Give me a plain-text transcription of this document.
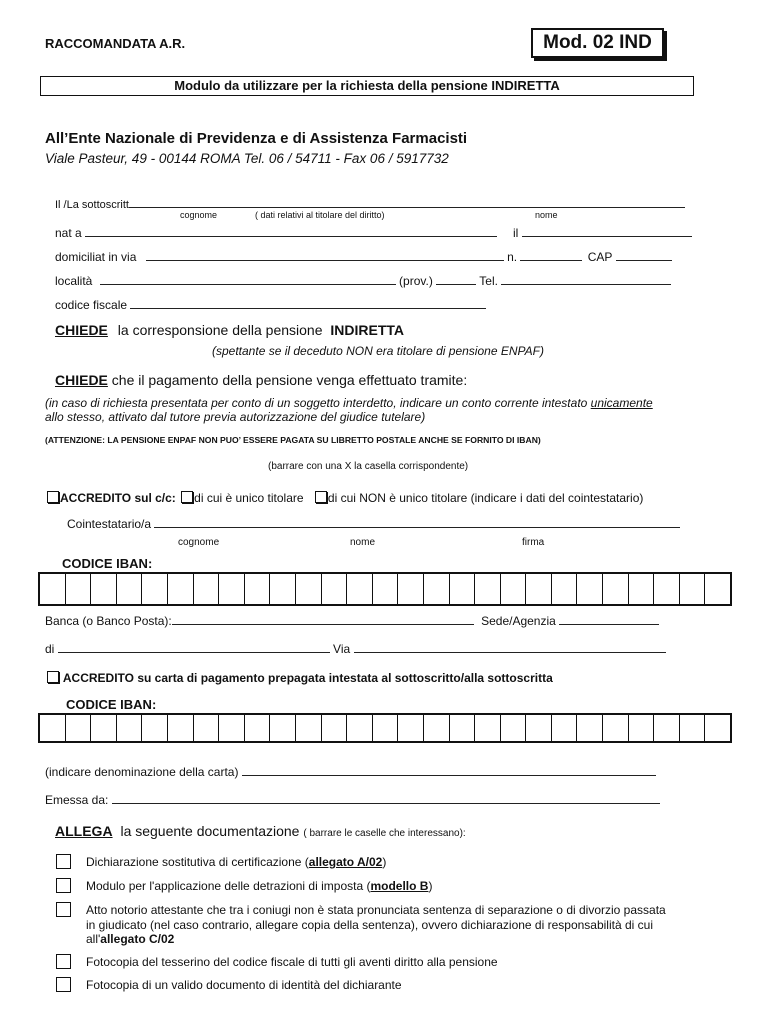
RACCOMANDATA A.R.	Mod. 02 IND
Modulo da utilizzare per la richiesta della pensione INDIRETTA
All’Ente Nazionale di Previdenza e di Assistenza Farmacisti
Viale Pasteur, 49 - 00144 ROMA Tel. 06 / 54711 - Fax 06 / 5917732
Il /La sottoscritt
cognome	( dati relativi al titolare del diritto)	nome
nat a	il
domiciliat in via	n.	CAP
località	(prov.)	Tel.
codice fiscale
CHIEDE la corresponsione della pensione INDIRETTA
(spettante se il deceduto NON era titolare di pensione ENPAF)
CHIEDE che il pagamento della pensione venga effettuato tramite:
(in caso di richiesta presentata per conto di un soggetto interdetto, indicare un conto corrente intestato unicamente
allo stesso, attivato dal tutore previa autorizzazione del giudice tutelare)
(ATTENZIONE: LA PENSIONE ENPAF NON PUO’ ESSERE PAGATA SU LIBRETTO POSTALE ANCHE SE FORNITO DI IBAN)
(barrare con una X la casella corrispondente)
ACCREDITO sul c/c: di cui è unico titolare di cui NON è unico titolare (indicare i dati del cointestatario)
Cointestatario/a
cognome	nome	firma
CODICE IBAN:
Banca (o Banco Posta):	Sede/Agenzia
di	Via
ACCREDITO su carta di pagamento prepagata intestata al sottoscritto/alla sottoscritta
CODICE IBAN:
(indicare denominazione della carta)
Emessa da:
ALLEGA la seguente documentazione ( barrare le caselle che interessano):
Dichiarazione sostitutiva di certificazione (allegato A/02)
Modulo per l'applicazione delle detrazioni di imposta (modello B)
Atto notorio attestante che tra i coniugi non è stata pronunciata sentenza di separazione o di divorzio passata
in giudicato (nel caso contrario, allegare copia della sentenza), ovvero dichiarazione di responsabilità di cui
all'allegato C/02
Fotocopia del tesserino del codice fiscale di tutti gli aventi diritto alla pensione
Fotocopia di un valido documento di identità del dichiarante
